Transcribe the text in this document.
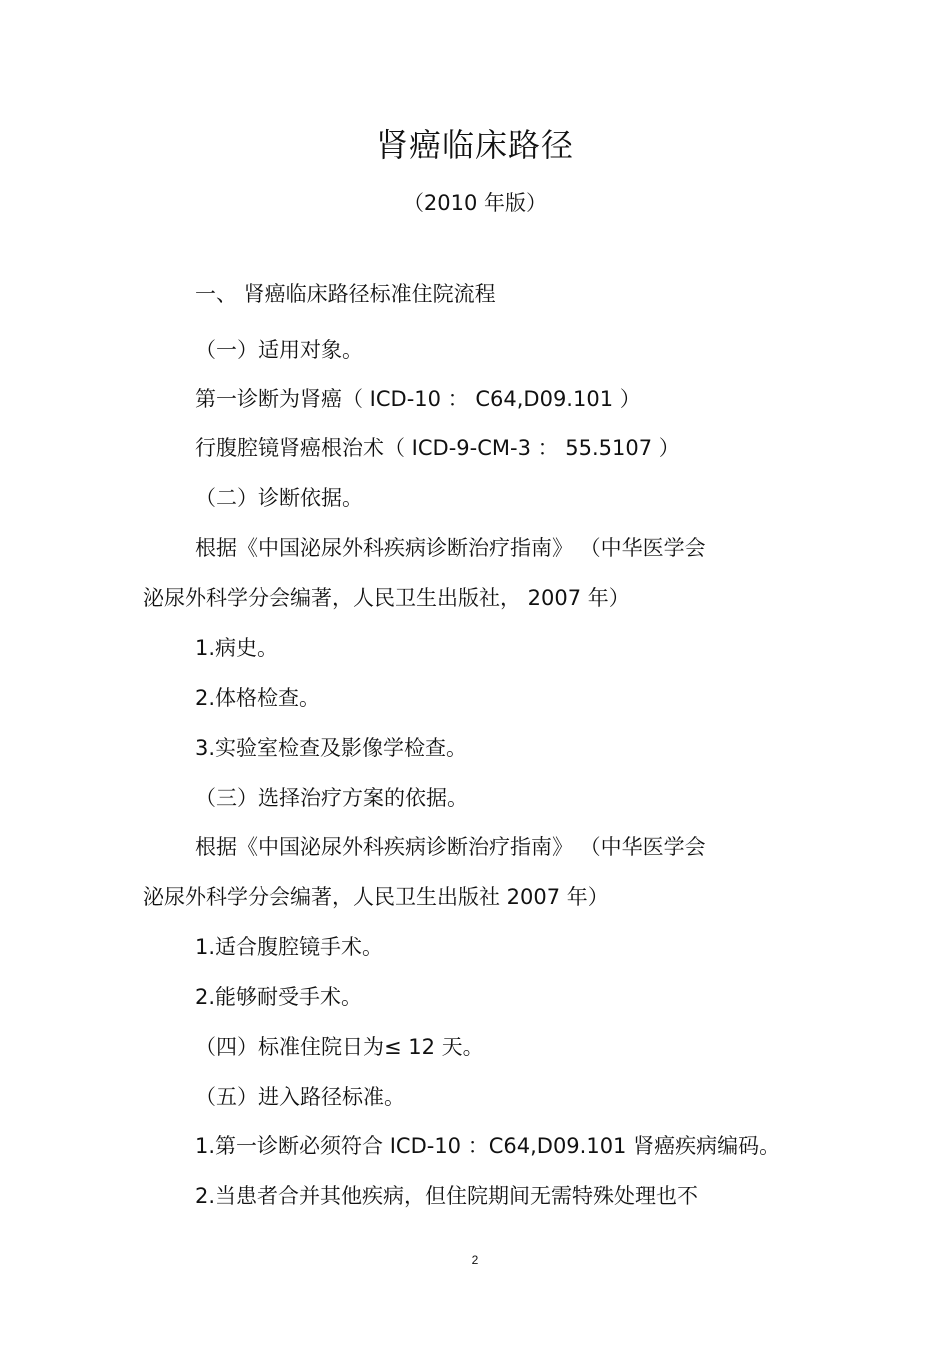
肾癌临床路径
（2010 年版）
一、 肾癌临床路径标准住院流程
（一）适用对象。
第一诊断为肾癌（ ICD-10 ： C64,D09.101 ）
行腹腔镜肾癌根治术（ ICD-9-CM-3 ： 55.5107 ）
（二）诊断依据。
根据《中国泌尿外科疾病诊断治疗指南》 （中华医学会
泌尿外科学分会编著，人民卫生出版社， 2007 年）
1.病史。
2.体格检查。
3.实验室检查及影像学检查。
（三）选择治疗方案的依据。
根据《中国泌尿外科疾病诊断治疗指南》 （中华医学会
泌尿外科学分会编著，人民卫生出版社 2007 年）
1.适合腹腔镜手术。
2.能够耐受手术。
（四）标准住院日为≤ 12 天。
（五）进入路径标准。
1.第一诊断必须符合 ICD-10 ：C64,D09.101 肾癌疾病编码。
2.当患者合并其他疾病，但住院期间无需特殊处理也不
2
